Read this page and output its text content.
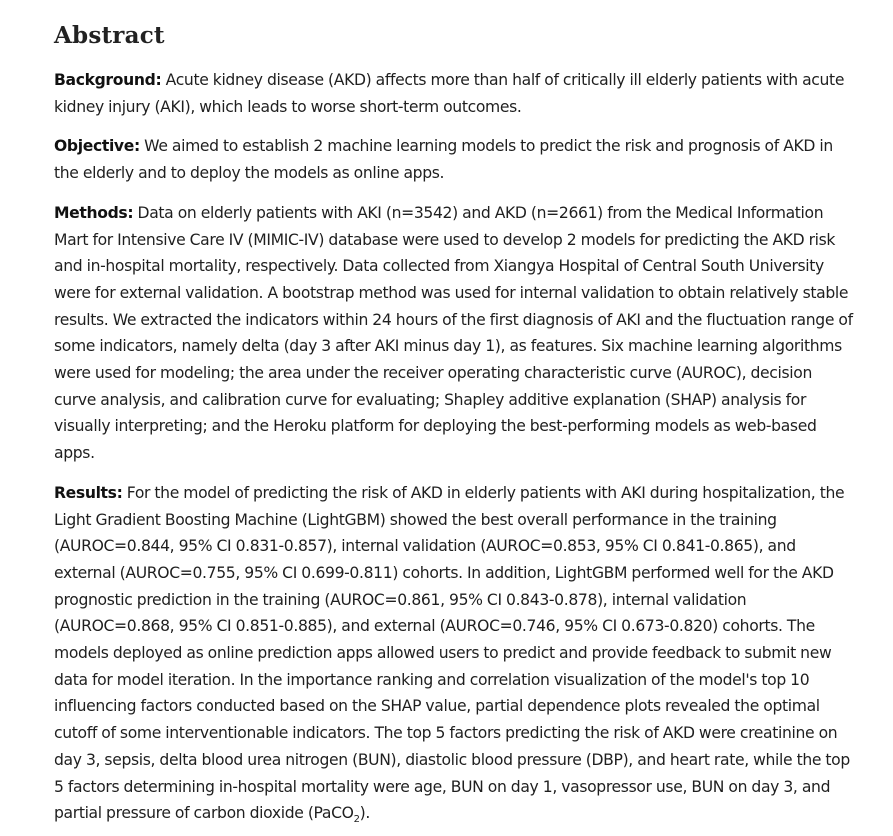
Abstract

Background: Acute kidney disease (AKD) affects more than half of critically ill elderly patients with acute kidney injury (AKI), which leads to worse short-term outcomes.

Objective: We aimed to establish 2 machine learning models to predict the risk and prognosis of AKD in the elderly and to deploy the models as online apps.

Methods: Data on elderly patients with AKI (n=3542) and AKD (n=2661) from the Medical Information Mart for Intensive Care IV (MIMIC-IV) database were used to develop 2 models for predicting the AKD risk and in-hospital mortality, respectively. Data collected from Xiangya Hospital of Central South University were for external validation. A bootstrap method was used for internal validation to obtain relatively stable results. We extracted the indicators within 24 hours of the first diagnosis of AKI and the fluctuation range of some indicators, namely delta (day 3 after AKI minus day 1), as features. Six machine learning algorithms were used for modeling; the area under the receiver operating characteristic curve (AUROC), decision curve analysis, and calibration curve for evaluating; Shapley additive explanation (SHAP) analysis for visually interpreting; and the Heroku platform for deploying the best-performing models as web-based apps.

Results: For the model of predicting the risk of AKD in elderly patients with AKI during hospitalization, the Light Gradient Boosting Machine (LightGBM) showed the best overall performance in the training (AUROC=0.844, 95% CI 0.831-0.857), internal validation (AUROC=0.853, 95% CI 0.841-0.865), and external (AUROC=0.755, 95% CI 0.699-0.811) cohorts. In addition, LightGBM performed well for the AKD prognostic prediction in the training (AUROC=0.861, 95% CI 0.843-0.878), internal validation (AUROC=0.868, 95% CI 0.851-0.885), and external (AUROC=0.746, 95% CI 0.673-0.820) cohorts. The models deployed as online prediction apps allowed users to predict and provide feedback to submit new data for model iteration. In the importance ranking and correlation visualization of the model's top 10 influencing factors conducted based on the SHAP value, partial dependence plots revealed the optimal cutoff of some interventionable indicators. The top 5 factors predicting the risk of AKD were creatinine on day 3, sepsis, delta blood urea nitrogen (BUN), diastolic blood pressure (DBP), and heart rate, while the top 5 factors determining in-hospital mortality were age, BUN on day 1, vasopressor use, BUN on day 3, and partial pressure of carbon dioxide (PaCO$_2$).
